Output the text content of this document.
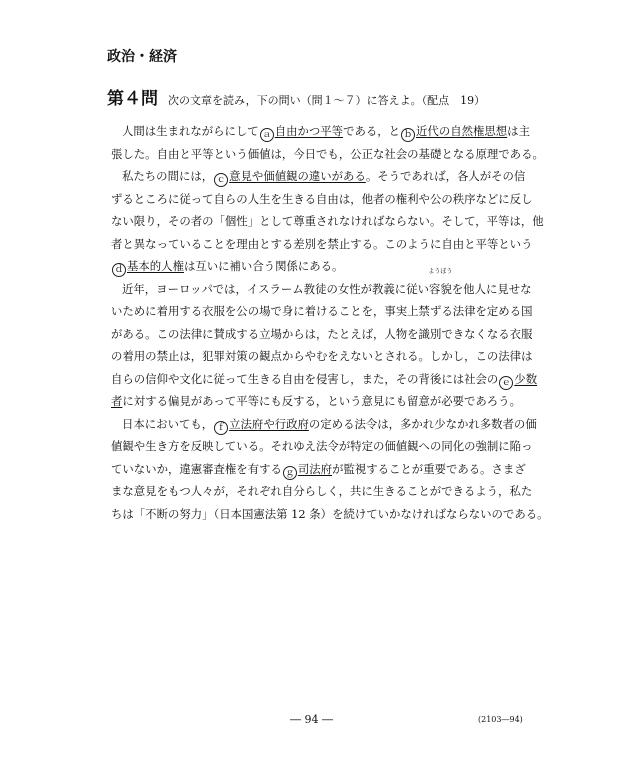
政治・経済
第４問 次の文章を読み，下の問い（問１～７）に答えよ。（配点　19）
人間は生まれながらにして ａ 自由かつ平等である，と ｂ 近代の自然権思想は主
張した。自由と平等という価値は，今日でも，公正な社会の基礎となる原理である。
私たちの間には， ｃ 意見や価値観の違いがある。そうであれば，各人がその信
ずるところに従って自らの人生を生きる自由は，他者の権利や公の秩序などに反し
ない限り，その者の「個性」として尊重されなければならない。そして，平等は，他
者と異なっていることを理由とする差別を禁止する。このように自由と平等という
ｄ 基本的人権は互いに補い合う関係にある。
近年，ヨーロッパでは，イスラーム教徒の女性が教義に従い
ようぼう
容貌を他人に見せな
いために着用する衣服を公の場で身に着けることを，事実上禁ずる法律を定める国
がある。この法律に賛成する立場からは，たとえば，人物を識別できなくなる衣服
の着用の禁止は，犯罪対策の観点からやむをえないとされる。しかし，この法律は
自らの信仰や文化に従って生きる自由を侵害し，また，その背後には社会の ｅ 少数
者に対する偏見があって平等にも反する，という意見にも留意が必要であろう。
日本においても， ｆ 立法府や行政府の定める法令は，多かれ少なかれ多数者の価
値観や生き方を反映している。それゆえ法令が特定の価値観への同化の強制に陥っ
ていないか，違憲審査権を有する ｇ 司法府が監視することが重要である。さまざ
まな意見をもつ人々が，それぞれ自分らしく，共に生きることができるよう，私た
ちは「不断の努力」（日本国憲法第 12 条）を続けていかなければならないのである。
― 94 ―	(2103―94)
